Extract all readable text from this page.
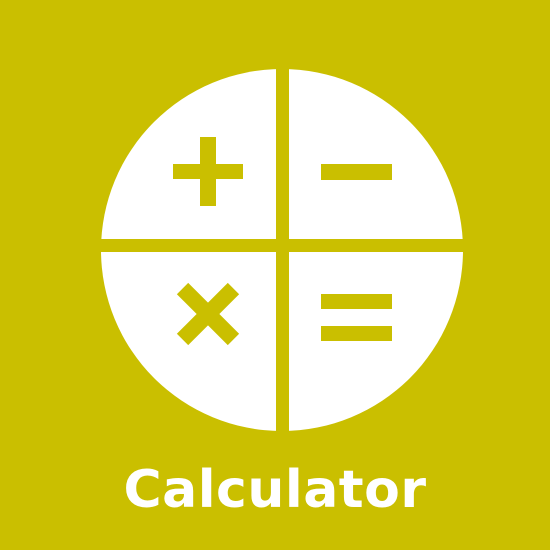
Calculator
